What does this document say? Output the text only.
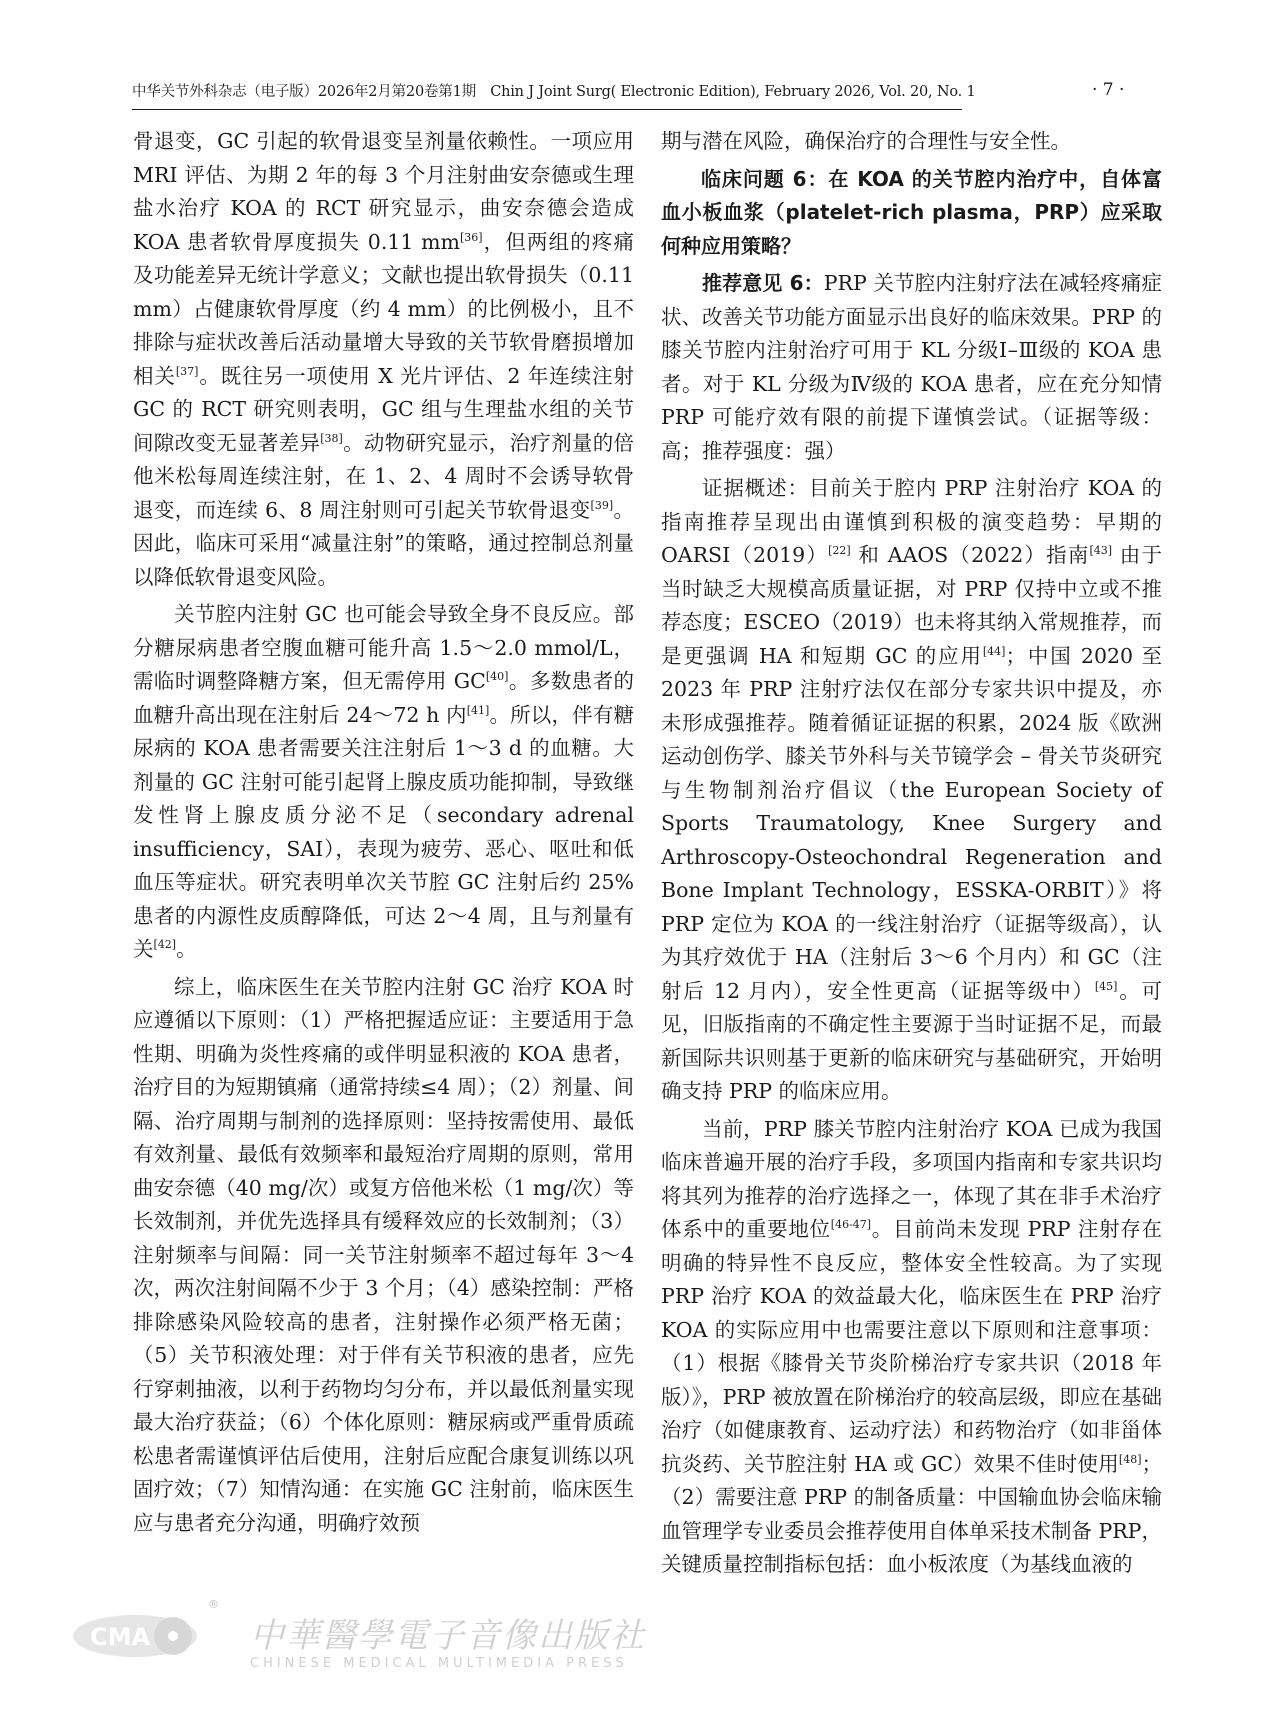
中华关节外科杂志（电子版）2026年2月第20卷第1期　Chin J Joint Surg( Electronic Edition), February 2026, Vol. 20, No. 1	· 7 ·

骨退变，GC 引起的软骨退变呈剂量依赖性。一项应用 MRI 评估、为期 2 年的每 3 个月注射曲安奈德或生理盐水治疗 KOA 的 RCT 研究显示，曲安奈德会造成 KOA 患者软骨厚度损失 0.11 mm[36]，但两组的疼痛及功能差异无统计学意义；文献也提出软骨损失（0.11 mm）占健康软骨厚度（约 4 mm）的比例极小，且不排除与症状改善后活动量增大导致的关节软骨磨损增加相关[37]。既往另一项使用 X 光片评估、2 年连续注射 GC 的 RCT 研究则表明，GC 组与生理盐水组的关节间隙改变无显著差异[38]。动物研究显示，治疗剂量的倍他米松每周连续注射，在 1、2、4 周时不会诱导软骨退变，而连续 6、8 周注射则可引起关节软骨退变[39]。因此，临床可采用“减量注射”的策略，通过控制总剂量以降低软骨退变风险。

关节腔内注射 GC 也可能会导致全身不良反应。部分糖尿病患者空腹血糖可能升高 1.5～2.0 mmol/L，需临时调整降糖方案，但无需停用 GC[40]。多数患者的血糖升高出现在注射后 24～72 h 内[41]。所以，伴有糖尿病的 KOA 患者需要关注注射后 1～3 d 的血糖。大剂量的 GC 注射可能引起肾上腺皮质功能抑制，导致继发性肾上腺皮质分泌不足（secondary adrenal insufficiency，SAI），表现为疲劳、恶心、呕吐和低血压等症状。研究表明单次关节腔 GC 注射后约 25% 患者的内源性皮质醇降低，可达 2～4 周，且与剂量有关[42]。

综上，临床医生在关节腔内注射 GC 治疗 KOA 时应遵循以下原则：（1）严格把握适应证：主要适用于急性期、明确为炎性疼痛的或伴明显积液的 KOA 患者，治疗目的为短期镇痛（通常持续≤4 周）；（2）剂量、间隔、治疗周期与制剂的选择原则：坚持按需使用、最低有效剂量、最低有效频率和最短治疗周期的原则，常用曲安奈德（40 mg/次）或复方倍他米松（1 mg/次）等长效制剂，并优先选择具有缓释效应的长效制剂；（3）注射频率与间隔：同一关节注射频率不超过每年 3～4 次，两次注射间隔不少于 3 个月；（4）感染控制：严格排除感染风险较高的患者，注射操作必须严格无菌；（5）关节积液处理：对于伴有关节积液的患者，应先行穿刺抽液，以利于药物均匀分布，并以最低剂量实现最大治疗获益；（6）个体化原则：糖尿病或严重骨质疏松患者需谨慎评估后使用，注射后应配合康复训练以巩固疗效；（7）知情沟通：在实施 GC 注射前，临床医生应与患者充分沟通，明确疗效预

期与潜在风险，确保治疗的合理性与安全性。

临床问题 6：在 KOA 的关节腔内治疗中，自体富血小板血浆（platelet-rich plasma，PRP）应采取何种应用策略？

推荐意见 6：PRP 关节腔内注射疗法在减轻疼痛症状、改善关节功能方面显示出良好的临床效果。PRP 的膝关节腔内注射治疗可用于 KL 分级Ⅰ–Ⅲ级的 KOA 患者。对于 KL 分级为Ⅳ级的 KOA 患者，应在充分知情 PRP 可能疗效有限的前提下谨慎尝试。（证据等级：高；推荐强度：强）

证据概述：目前关于腔内 PRP 注射治疗 KOA 的指南推荐呈现出由谨慎到积极的演变趋势：早期的 OARSI（2019）[22] 和 AAOS（2022）指南[43] 由于当时缺乏大规模高质量证据，对 PRP 仅持中立或不推荐态度；ESCEO（2019）也未将其纳入常规推荐，而是更强调 HA 和短期 GC 的应用[44]；中国 2020 至 2023 年 PRP 注射疗法仅在部分专家共识中提及，亦未形成强推荐。随着循证证据的积累，2024 版《欧洲运动创伤学、膝关节外科与关节镜学会 – 骨关节炎研究与生物制剂治疗倡议（the European Society of Sports Traumatology, Knee Surgery and Arthroscopy-Osteochondral Regeneration and Bone Implant Technology，ESSKA-ORBIT）》将 PRP 定位为 KOA 的一线注射治疗（证据等级高），认为其疗效优于 HA（注射后 3～6 个月内）和 GC（注射后 12 月内），安全性更高（证据等级中）[45]。可见，旧版指南的不确定性主要源于当时证据不足，而最新国际共识则基于更新的临床研究与基础研究，开始明确支持 PRP 的临床应用。

当前，PRP 膝关节腔内注射治疗 KOA 已成为我国临床普遍开展的治疗手段，多项国内指南和专家共识均将其列为推荐的治疗选择之一，体现了其在非手术治疗体系中的重要地位[46-47]。目前尚未发现 PRP 注射存在明确的特异性不良反应，整体安全性较高。为了实现 PRP 治疗 KOA 的效益最大化，临床医生在 PRP 治疗 KOA 的实际应用中也需要注意以下原则和注意事项：（1）根据《膝骨关节炎阶梯治疗专家共识（2018 年版）》，PRP 被放置在阶梯治疗的较高层级，即应在基础治疗（如健康教育、运动疗法）和药物治疗（如非甾体抗炎药、关节腔注射 HA 或 GC）效果不佳时使用[48]；（2）需要注意 PRP 的制备质量：中国输血协会临床输血管理学专业委员会推荐使用自体单采技术制备 PRP，关键质量控制指标包括：血小板浓度（为基线血液的

CMA
®
中華醫學電子音像出版社
CHINESE MEDICAL MULTIMEDIA PRESS
